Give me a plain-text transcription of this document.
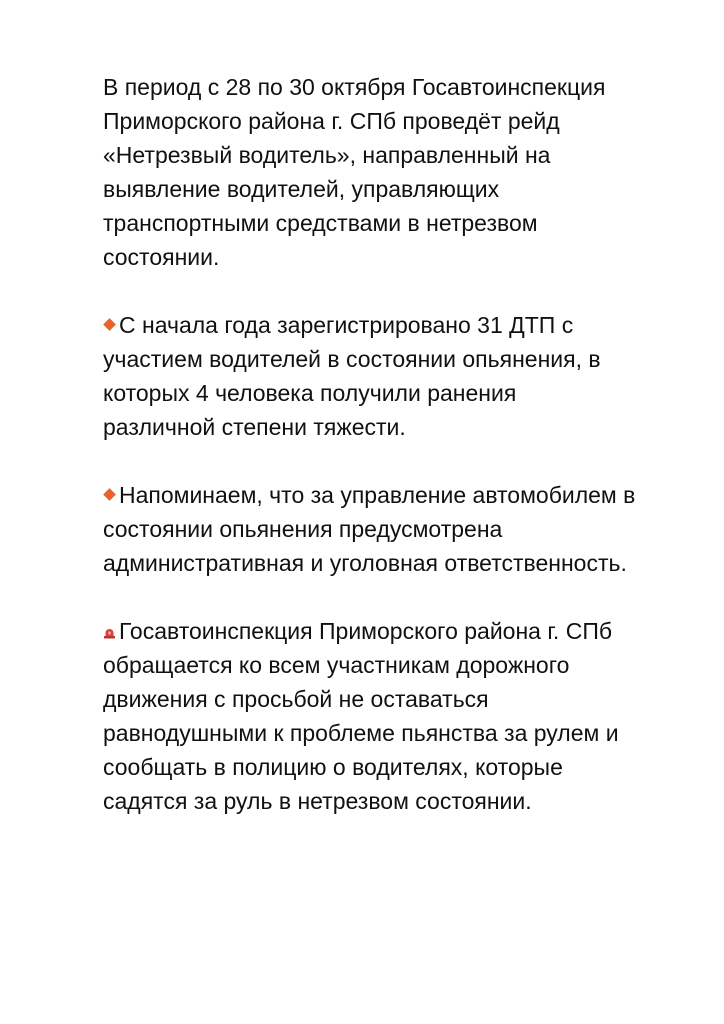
В период с 28 по 30 октября Госавтоинспекция
Приморского района г. СПб проведёт рейд
«Нетрезвый водитель», направленный на
выявление водителей, управляющих
транспортными средствами в нетрезвом
состоянии.

С начала года зарегистрировано 31 ДТП с
участием водителей в состоянии опьянения, в
которых 4 человека получили ранения
различной степени тяжести.

Напоминаем, что за управление автомобилем в
состоянии опьянения предусмотрена
административная и уголовная ответственность.

Госавтоинспекция Приморского района г. СПб
обращается ко всем участникам дорожного
движения с просьбой не оставаться
равнодушными к проблеме пьянства за рулем и
сообщать в полицию о водителях, которые
садятся за руль в нетрезвом состоянии.
